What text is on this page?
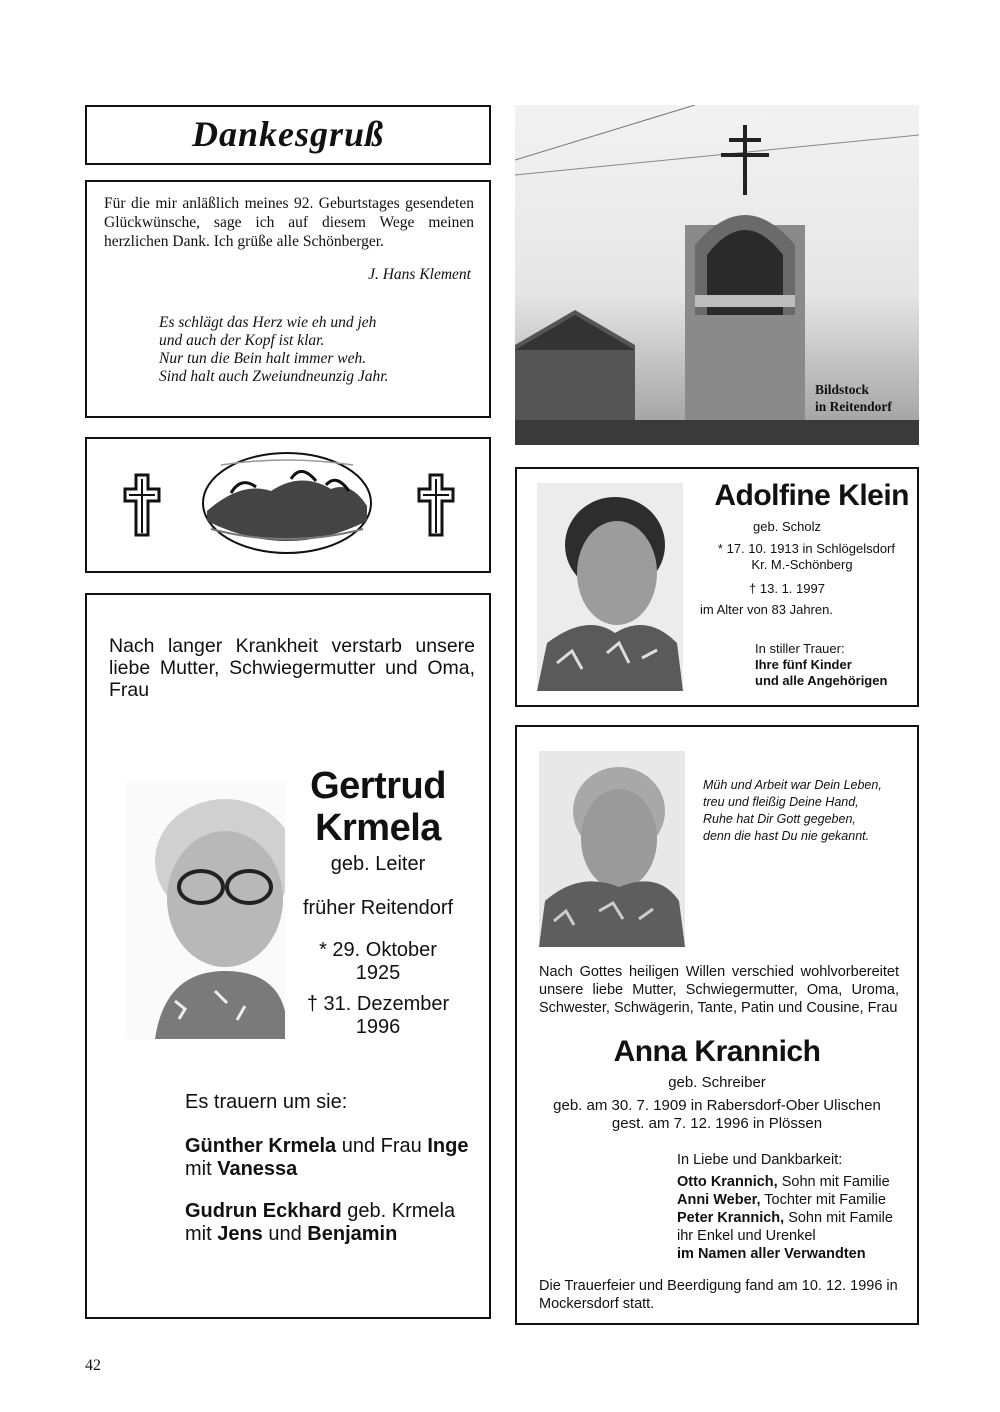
Dankesgruß
Für die mir anläßlich meines 92. Geburtstages gesendeten Glückwünsche, sage ich auf diesem Wege meinen herzlichen Dank. Ich grüße alle Schönberger.
J. Hans Klement
Es schlägt das Herz wie eh und jeh
und auch der Kopf ist klar.
Nur tun die Bein halt immer weh.
Sind halt auch Zweiundneunzig Jahr.
Bildstock
in Reitendorf
Adolfine Klein
geb. Scholz
* 17. 10. 1913 in Schlögelsdorf
Kr. M.-Schönberg
† 13. 1. 1997
im Alter von 83 Jahren.
In stiller Trauer:
Ihre fünf Kinder
und alle Angehörigen
Nach langer Krankheit verstarb unsere liebe Mutter, Schwiegermutter und Oma, Frau
Gertrud
Krmela
geb. Leiter
früher Reitendorf
* 29. Oktober
1925
† 31. Dezember
1996
Es trauern um sie:
Günther Krmela und Frau Inge
mit Vanessa
Gudrun Eckhard geb. Krmela
mit Jens und Benjamin
Müh und Arbeit war Dein Leben,
treu und fleißig Deine Hand,
Ruhe hat Dir Gott gegeben,
denn die hast Du nie gekannt.
Nach Gottes heiligen Willen verschied wohlvorbereitet unsere liebe Mutter, Schwiegermutter, Oma, Uroma, Schwester, Schwägerin, Tante, Patin und Cousine, Frau
Anna Krannich
geb. Schreiber
geb. am 30. 7. 1909 in Rabersdorf-Ober Ulischen
gest. am 7. 12. 1996 in Plössen
In Liebe und Dankbarkeit:
Otto Krannich, Sohn mit Familie
Anni Weber, Tochter mit Familie
Peter Krannich, Sohn mit Famile
ihr Enkel und Urenkel
im Namen aller Verwandten
Die Trauerfeier und Beerdigung fand am 10. 12. 1996 in Mockersdorf statt.
42
